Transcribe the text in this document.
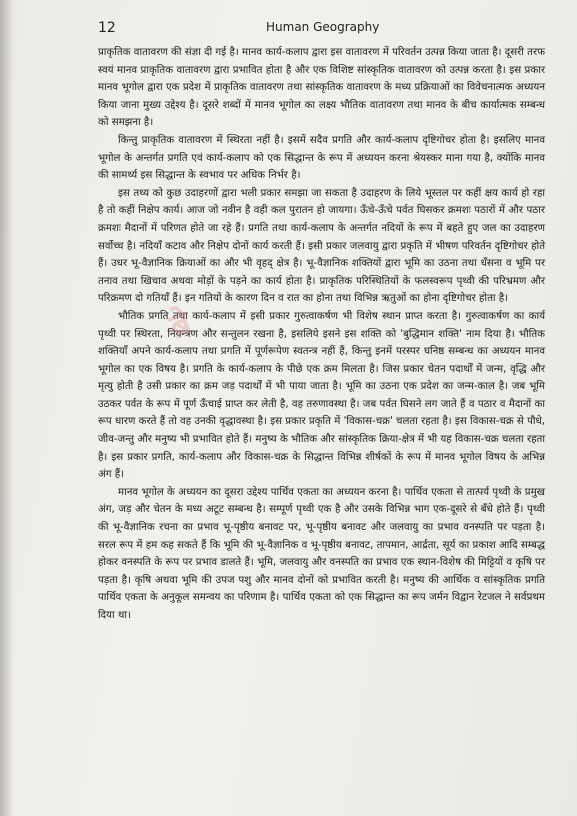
12	Human Geography

प्राकृतिक वातावरण की संज्ञा दी गई है। मानव कार्य-कलाप द्वारा इस वातावरण में परिवर्तन उत्पन्न किया जाता है। दूसरी तरफ स्वयं मानव प्राकृतिक वातावरण द्वारा प्रभावित होता है और एक विशिष्ट सांस्कृतिक वातावरण को उत्पन्न करता है। इस प्रकार मानव भूगोल द्वारा एक प्रदेश में प्राकृतिक वातावरण तथा सांस्कृतिक वातावरण के मध्य प्रक्रियाओं का विवेचनात्मक अध्ययन किया जाना मुख्य उद्देश्य है। दूसरे शब्दों में मानव भूगोल का लक्ष्य भौतिक वातावरण तथा मानव के बीच कार्यात्मक सम्बन्ध को समझना है।

किन्तु प्राकृतिक वातावरण में स्थिरता नहीं है। इसमें सदैव प्रगति और कार्य-कलाप दृष्टिगोचर होता है। इसलिए मानव भूगोल के अन्तर्गत प्रगति एवं कार्य-कलाप को एक सिद्धान्त के रूप में अध्ययन करना श्रेयस्कर माना गया है, क्योंकि मानव की सामर्थ्य इस सिद्धान्त के स्वभाव पर अधिक निर्भर है।

इस तथ्य को कुछ उदाहरणों द्वारा भली प्रकार समझा जा सकता है उदाहरण के लिये भूस्तल पर कहीं क्षय कार्य हो रहा है तो कहीं निक्षेप कार्य। आज जो नवीन है वही कल पुरातन हो जायगा। ऊँचे-ऊँचे पर्वत घिसकर क्रमशः पठारों में और पठार क्रमशः मैदानों में परिणत होते जा रहे हैं। प्रगति तथा कार्य-कलाप के अन्तर्गत नदियों के रूप में बहते हुए जल का उदाहरण सर्वोच्च है। नदियाँ कटाव और निक्षेप दोनों कार्य करती हैं। इसी प्रकार जलवायु द्वारा प्रकृति में भीषण परिवर्तन दृष्टिगोचर होते हैं। उधर भू-वैज्ञानिक क्रियाओं का और भी वृहद् क्षेत्र है। भू-वैज्ञानिक शक्तियों द्वारा भूमि का उठना तथा धँसना व भूमि पर तनाव तथा खिचाव अथवा मोड़ों के पड़ने का कार्य होता है। प्राकृतिक परिस्थितियों के फलस्वरूप पृथ्वी की परिभ्रमण और परिक्रमण दो गतियाँ हैं। इन गतियों के कारण दिन व रात का होना तथा विभिन्न ऋतुओं का होना दृष्टिगोचर होता है।

भौतिक प्रगति तथा कार्य-कलाप में इसी प्रकार गुरुत्वाकर्षण भी विशेष स्थान प्राप्त करता है। गुरुत्वाकर्षण का कार्य पृथ्वी पर स्थिरता, नियन्त्रण और सन्तुलन रखना है, इसलिये इसने इस शक्ति को 'बुद्धिमान शक्ति' नाम दिया है। भौतिक शक्तियाँ अपने कार्य-कलाप तथा प्रगति में पूर्णरूपेण स्वतन्त्र नहीं हैं, किन्तु इनमें परस्पर घनिष्ठ सम्बन्ध का अध्ययन मानव भूगोल का एक विषय है। प्रगति के कार्य-कलाप के पीछे एक क्रम मिलता है। जिस प्रकार चेतन पदार्थों में जन्म, वृद्धि और मृत्यु होती है उसी प्रकार का क्रम जड़ पदार्थों में भी पाया जाता है। भूमि का उठना एक प्रदेश का जन्म-काल है। जब भूमि उठकर पर्वत के रूप में पूर्ण ऊँचाई प्राप्त कर लेती है, वह तरुणावस्था है। जब पर्वत घिसने लग जाते हैं व पठार व मैदानों का रूप धारण करते हैं तो वह उनकी वृद्धावस्था है। इस प्रकार प्रकृति में 'विकास-चक्र' चलता रहता है। इस विकास-चक्र से पौधे, जीव-जन्तु और मनुष्य भी प्रभावित होते हैं। मनुष्य के भौतिक और सांस्कृतिक क्रिया-क्षेत्र में भी यह विकास-चक्र चलता रहता है। इस प्रकार प्रगति, कार्य-कलाप और विकास-चक्र के सिद्धान्त विभिन्न शीर्षकों के रूप में मानव भूगोल विषय के अभिन्न अंग हैं।

मानव भूगोल के अध्ययन का दूसरा उद्देश्य पार्थिव एकता का अध्ययन करना है। पार्थिव एकता से तात्पर्य पृथ्वी के प्रमुख अंग, जड़ और चेतन के मध्य अटूट सम्बन्ध है। सम्पूर्ण पृथ्वी एक है और उसके विभिन्न भाग एक-दूसरे से बँधे होते हैं। पृथ्वी की भू-वैज्ञानिक रचना का प्रभाव भू-पृष्ठीय बनावट पर, भू-पृष्ठीय बनावट और जलवायु का प्रभाव वनस्पति पर पड़ता है। सरल रूप में हम कह सकते हैं कि भूमि की भू-वैज्ञानिक व भू-पृष्ठीय बनावट, तापमान, आर्द्रता, सूर्य का प्रकाश आदि सम्बद्ध होकर वनस्पति के रूप पर प्रभाव डालते हैं। भूमि, जलवायु और वनस्पति का प्रभाव एक स्थान-विशेष की मिट्टियों व कृषि पर पड़ता है। कृषि अथवा भूमि की उपज पशु और मानव दोनों को प्रभावित करती है। मनुष्य की आर्थिक व सांस्कृतिक प्रगति पार्थिव एकता के अनुकूल समन्वय का परिणाम है। पार्थिव एकता को एक सिद्धान्त का रूप जर्मन विद्वान रेटजल ने सर्वप्रथम दिया था।

ब्रे
